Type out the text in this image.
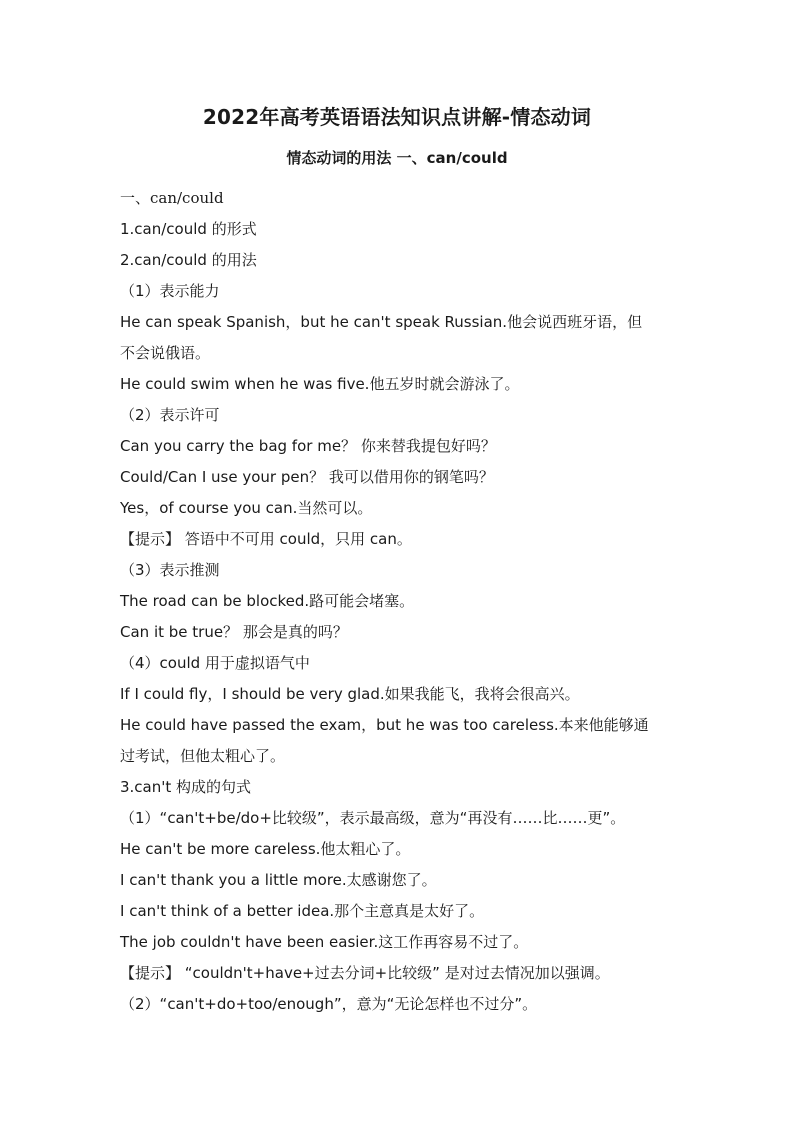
2022年高考英语语法知识点讲解-情态动词
情态动词的用法 一、can/could
一、can/could
1.can/could 的形式
2.can/could 的用法
（1）表示能力
He can speak Spanish，but he can't speak Russian.他会说西班牙语，但
不会说俄语。
He could swim when he was five.他五岁时就会游泳了。
（2）表示许可
Can you carry the bag for me？ 你来替我提包好吗？
Could/Can I use your pen？ 我可以借用你的钢笔吗？
Yes，of course you can.当然可以。
【提示】 答语中不可用 could，只用 can。
（3）表示推测
The road can be blocked.路可能会堵塞。
Can it be true？ 那会是真的吗？
（4）could 用于虚拟语气中
If I could fly，I should be very glad.如果我能飞，我将会很高兴。
He could have passed the exam，but he was too careless.本来他能够通
过考试，但他太粗心了。
3.can't 构成的句式
（1）“can't+be/do+比较级”，表示最高级，意为“再没有……比……更”。
He can't be more careless.他太粗心了。
I can't thank you a little more.太感谢您了。
I can't think of a better idea.那个主意真是太好了。
The job couldn't have been easier.这工作再容易不过了。
【提示】 “couldn't+have+过去分词+比较级” 是对过去情况加以强调。
（2）“can't+do+too/enough”，意为“无论怎样也不过分”。
